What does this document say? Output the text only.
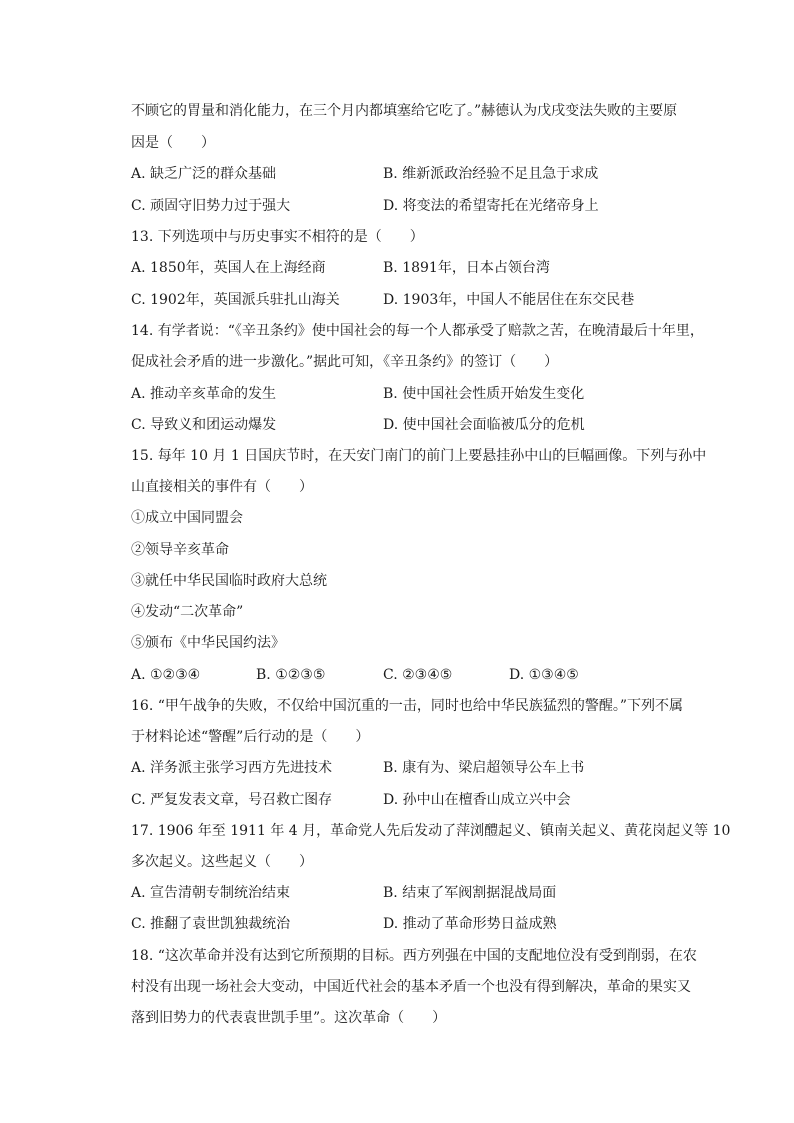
不顾它的胃量和消化能力，在三个月内都填塞给它吃了。”赫德认为戊戌变法失败的主要原
因是（　　）
A. 缺乏广泛的群众基础	B. 维新派政治经验不足且急于求成
C. 顽固守旧势力过于强大	D. 将变法的希望寄托在光绪帝身上
13. 下列选项中与历史事实不相符的是（　　）
A. 1850年，英国人在上海经商	B. 1891年，日本占领台湾
C. 1902年，英国派兵驻扎山海关	D. 1903年，中国人不能居住在东交民巷
14. 有学者说：“《辛丑条约》使中国社会的每一个人都承受了赔款之苦，在晚清最后十年里，
促成社会矛盾的进一步激化。”据此可知，《辛丑条约》的签订（　　）
A. 推动辛亥革命的发生	B. 使中国社会性质开始发生变化
C. 导致义和团运动爆发	D. 使中国社会面临被瓜分的危机
15. 每年 10 月 1 日国庆节时，在天安门南门的前门上要悬挂孙中山的巨幅画像。下列与孙中
山直接相关的事件有（　　）
①成立中国同盟会
②领导辛亥革命
③就任中华民国临时政府大总统
④发动“二次革命”
⑤颁布《中华民国约法》
A. ①②③④	B. ①②③⑤	C. ②③④⑤	D. ①③④⑤
16. “甲午战争的失败，不仅给中国沉重的一击，同时也给中华民族猛烈的警醒。”下列不属
于材料论述“警醒”后行动的是（　　）
A. 洋务派主张学习西方先进技术	B. 康有为、梁启超领导公车上书
C. 严复发表文章，号召救亡图存	D. 孙中山在檀香山成立兴中会
17. 1906 年至 1911 年 4 月，革命党人先后发动了萍浏醴起义、镇南关起义、黄花岗起义等 10
多次起义。这些起义（　　）
A. 宣告清朝专制统治结束	B. 结束了军阀割据混战局面
C. 推翻了袁世凯独裁统治	D. 推动了革命形势日益成熟
18. “这次革命并没有达到它所预期的目标。西方列强在中国的支配地位没有受到削弱，在农
村没有出现一场社会大变动，中国近代社会的基本矛盾一个也没有得到解决，革命的果实又
落到旧势力的代表袁世凯手里”。这次革命（　　）
